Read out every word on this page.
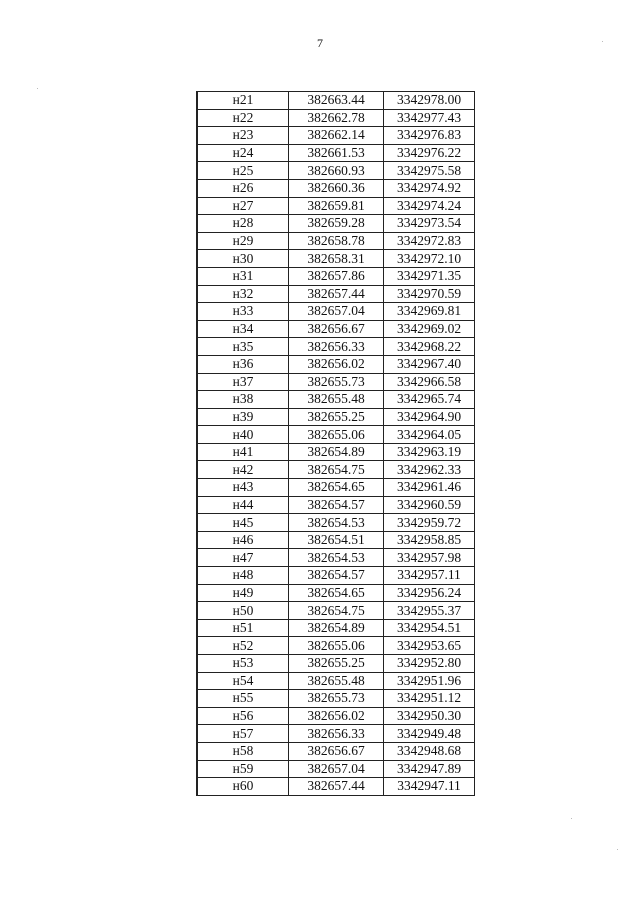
7
н21	382663.44	3342978.00
н22	382662.78	3342977.43
н23	382662.14	3342976.83
н24	382661.53	3342976.22
н25	382660.93	3342975.58
н26	382660.36	3342974.92
н27	382659.81	3342974.24
н28	382659.28	3342973.54
н29	382658.78	3342972.83
н30	382658.31	3342972.10
н31	382657.86	3342971.35
н32	382657.44	3342970.59
н33	382657.04	3342969.81
н34	382656.67	3342969.02
н35	382656.33	3342968.22
н36	382656.02	3342967.40
н37	382655.73	3342966.58
н38	382655.48	3342965.74
н39	382655.25	3342964.90
н40	382655.06	3342964.05
н41	382654.89	3342963.19
н42	382654.75	3342962.33
н43	382654.65	3342961.46
н44	382654.57	3342960.59
н45	382654.53	3342959.72
н46	382654.51	3342958.85
н47	382654.53	3342957.98
н48	382654.57	3342957.11
н49	382654.65	3342956.24
н50	382654.75	3342955.37
н51	382654.89	3342954.51
н52	382655.06	3342953.65
н53	382655.25	3342952.80
н54	382655.48	3342951.96
н55	382655.73	3342951.12
н56	382656.02	3342950.30
н57	382656.33	3342949.48
н58	382656.67	3342948.68
н59	382657.04	3342947.89
н60	382657.44	3342947.11
